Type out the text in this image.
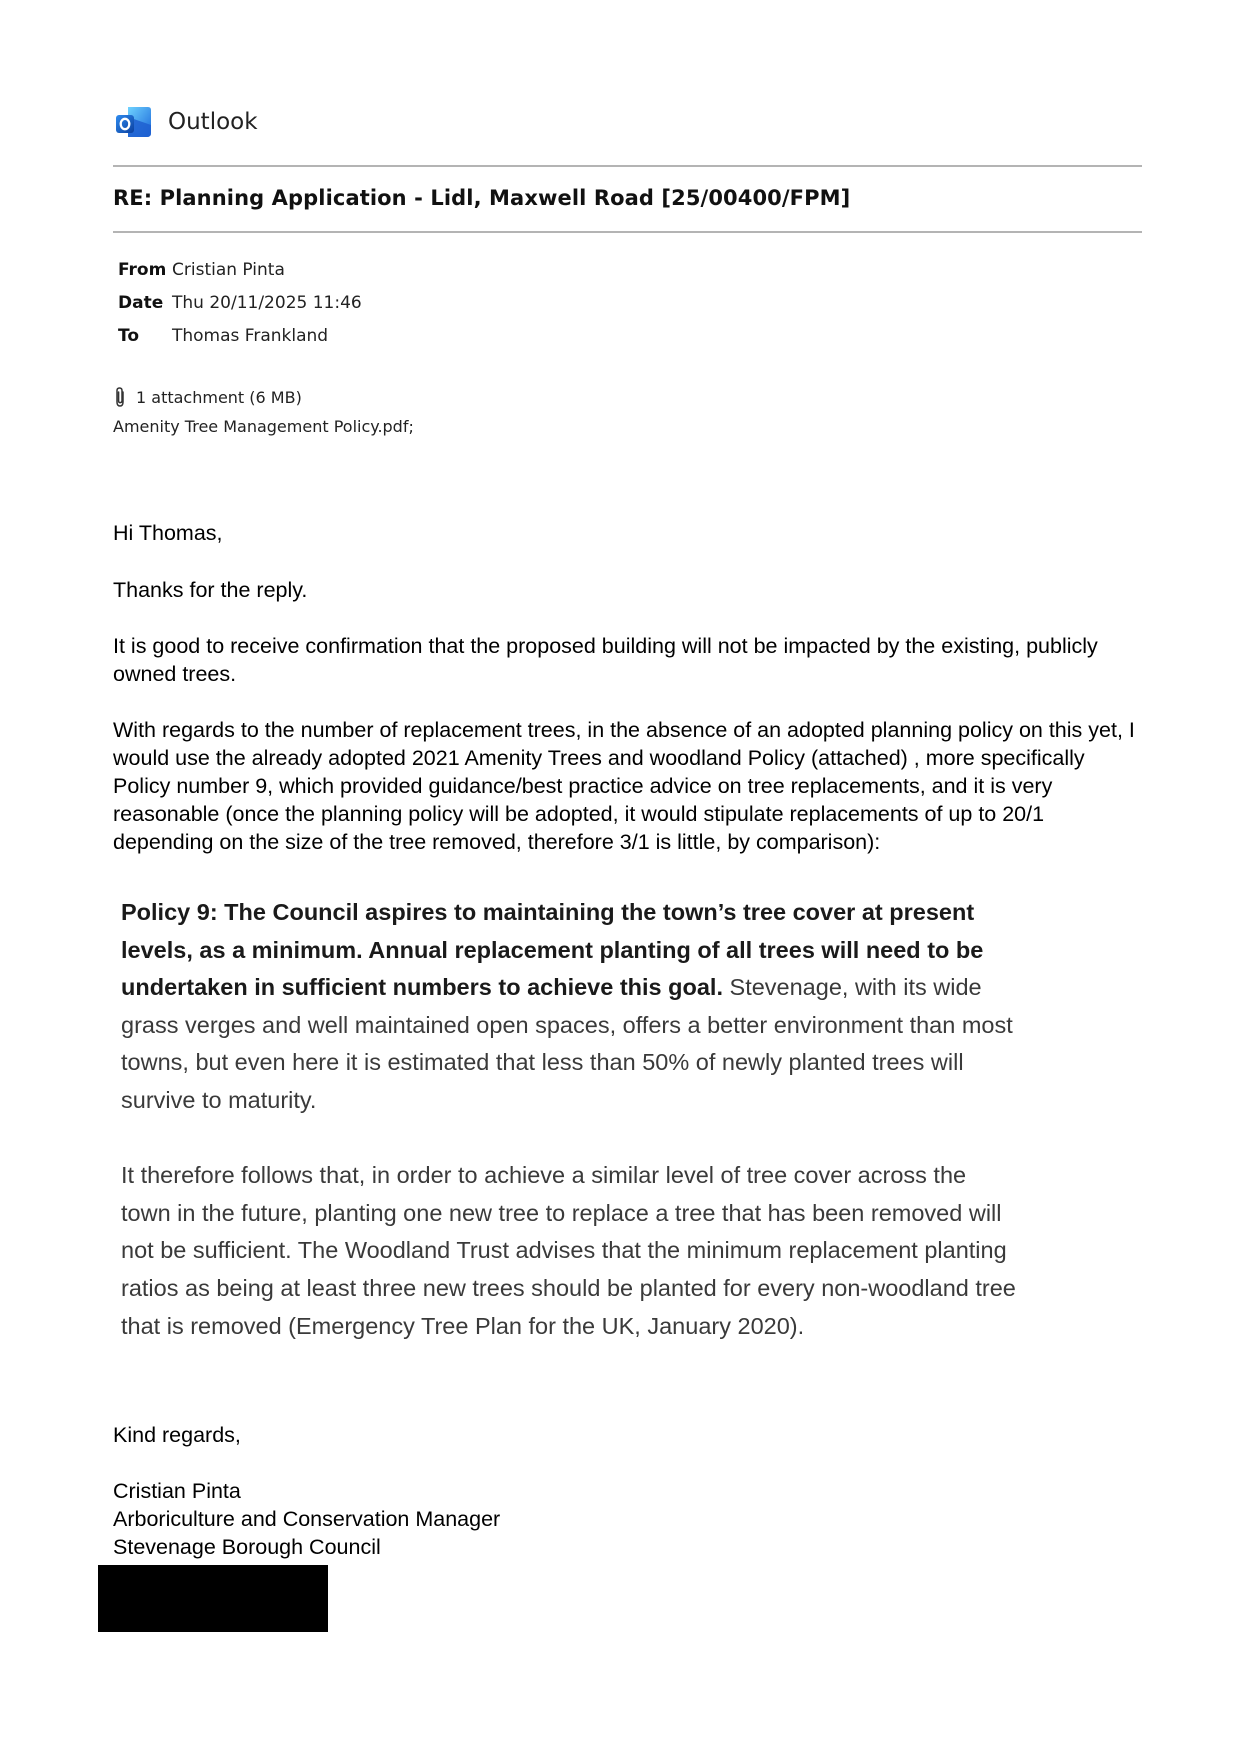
Outlook
RE: Planning Application - Lidl, Maxwell Road [25/00400/FPM]
From Cristian Pinta
Date Thu 20/11/2025 11:46
To	Thomas Frankland
1 attachment (6 MB)
Amenity Tree Management Policy.pdf;
Hi Thomas,
Thanks for the reply.
It is good to receive confirmation that the proposed building will not be impacted by the existing, publicly owned trees.
With regards to the number of replacement trees, in the absence of an adopted planning policy on this yet, I would use the already adopted 2021 Amenity Trees and woodland Policy (attached) , more specifically Policy number 9, which provided guidance/best practice advice on tree replacements, and it is very reasonable (once the planning policy will be adopted, it would stipulate replacements of up to 20/1 depending on the size of the tree removed, therefore 3/1 is little, by comparison):
Policy 9: The Council aspires to maintaining the town’s tree cover at present levels, as a minimum. Annual replacement planting of all trees will need to be undertaken in sufficient numbers to achieve this goal. Stevenage, with its wide grass verges and well maintained open spaces, offers a better environment than most towns, but even here it is estimated that less than 50% of newly planted trees will survive to maturity.
It therefore follows that, in order to achieve a similar level of tree cover across the town in the future, planting one new tree to replace a tree that has been removed will not be sufficient. The Woodland Trust advises that the minimum replacement planting ratios as being at least three new trees should be planted for every non-woodland tree that is removed (Emergency Tree Plan for the UK, January 2020).
Kind regards,
Cristian Pinta
Arboriculture and Conservation Manager
Stevenage Borough Council
